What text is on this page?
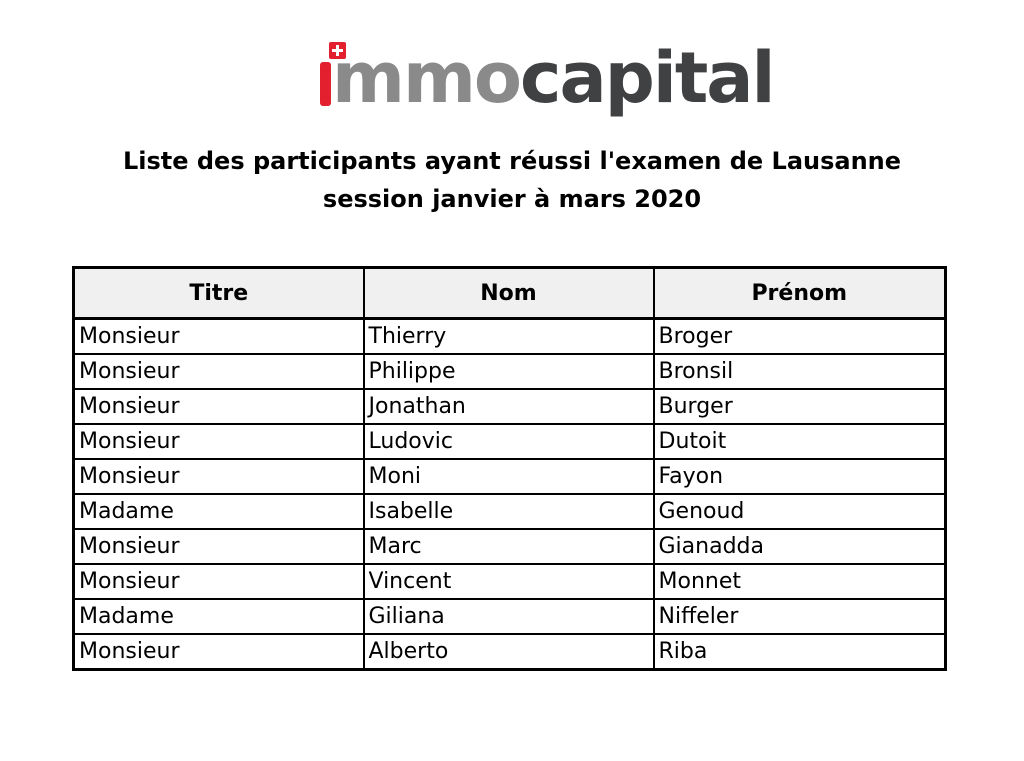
mmocapital
Liste des participants ayant réussi l'examen de Lausanne
session janvier à mars 2020
Titre	Nom	Prénom
Monsieur	Thierry	Broger
Monsieur	Philippe	Bronsil
Monsieur	Jonathan	Burger
Monsieur	Ludovic	Dutoit
Monsieur	Moni	Fayon
Madame	Isabelle	Genoud
Monsieur	Marc	Gianadda
Monsieur	Vincent	Monnet
Madame	Giliana	Niffeler
Monsieur	Alberto	Riba
